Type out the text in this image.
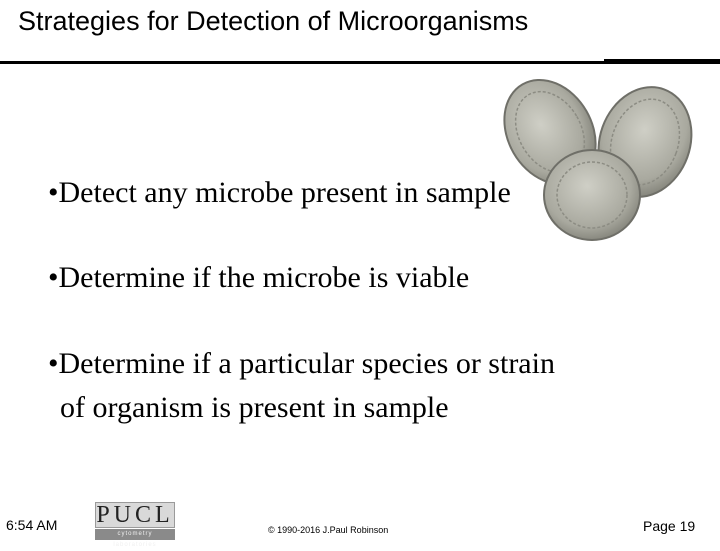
Strategies for Detection of Microorganisms
•Detect any microbe present in sample
•Determine if the microbe is viable
•Determine if a particular species or strain
of organism is present in sample
6:54 AM PUCL
cytometry laboratories
© 1990-2016 J.Paul Robinson	Page 19
